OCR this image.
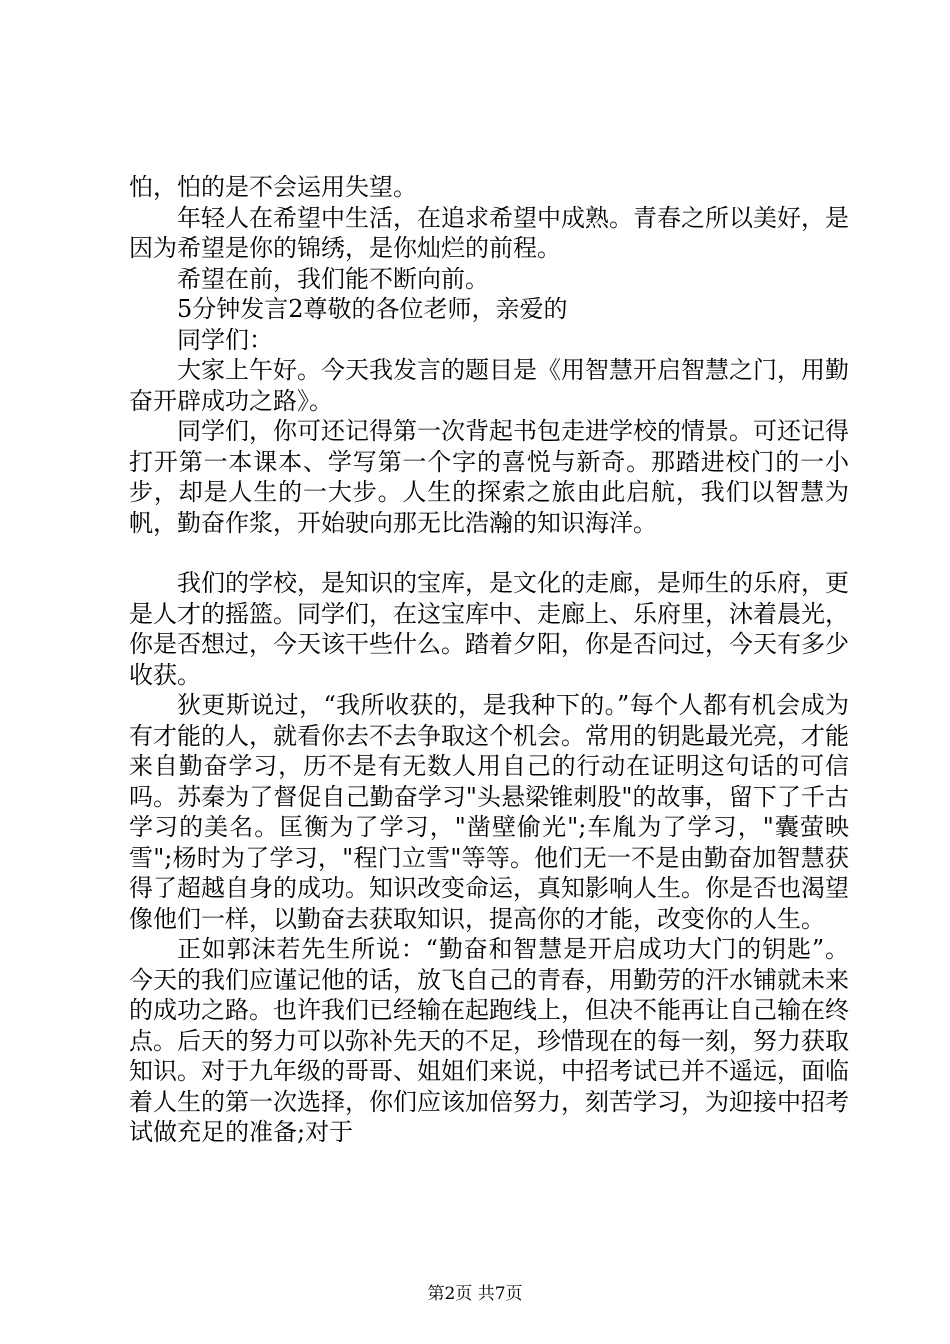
怕，怕的是不会运用失望。

年轻人在希望中生活，在追求希望中成熟。青春之所以美好，是因为希望是你的锦绣，是你灿烂的前程。

希望在前，我们能不断向前。

5分钟发言2尊敬的各位老师，亲爱的

同学们：

大家上午好。今天我发言的题目是《用智慧开启智慧之门，用勤奋开辟成功之路》。

同学们，你可还记得第一次背起书包走进学校的情景。可还记得打开第一本课本、学写第一个字的喜悦与新奇。那踏进校门的一小步，却是人生的一大步。人生的探索之旅由此启航，我们以智慧为帆，勤奋作浆，开始驶向那无比浩瀚的知识海洋。

我们的学校，是知识的宝库，是文化的走廊，是师生的乐府，更是人才的摇篮。同学们，在这宝库中、走廊上、乐府里，沐着晨光，你是否想过，今天该干些什么。踏着夕阳，你是否问过，今天有多少收获。

狄更斯说过，“我所收获的，是我种下的。”每个人都有机会成为有才能的人，就看你去不去争取这个机会。常用的钥匙最光亮，才能来自勤奋学习，历不是有无数人用自己的行动在证明这句话的可信吗。苏秦为了督促自己勤奋学习"头悬梁锥刺股"的故事，留下了千古学习的美名。匡衡为了学习，"凿壁偷光";车胤为了学习，"囊萤映雪";杨时为了学习，"程门立雪"等等。他们无一不是由勤奋加智慧获得了超越自身的成功。知识改变命运，真知影响人生。你是否也渴望像他们一样，以勤奋去获取知识，提高你的才能，改变你的人生。

正如郭沫若先生所说：“勤奋和智慧是开启成功大门的钥匙”。今天的我们应谨记他的话，放飞自己的青春，用勤劳的汗水铺就未来的成功之路。也许我们已经输在起跑线上，但决不能再让自己输在终点。后天的努力可以弥补先天的不足，珍惜现在的每一刻，努力获取知识。对于九年级的哥哥、姐姐们来说，中招考试已并不遥远，面临着人生的第一次选择，你们应该加倍努力，刻苦学习，为迎接中招考试做充足的准备;对于

第2页 共7页
